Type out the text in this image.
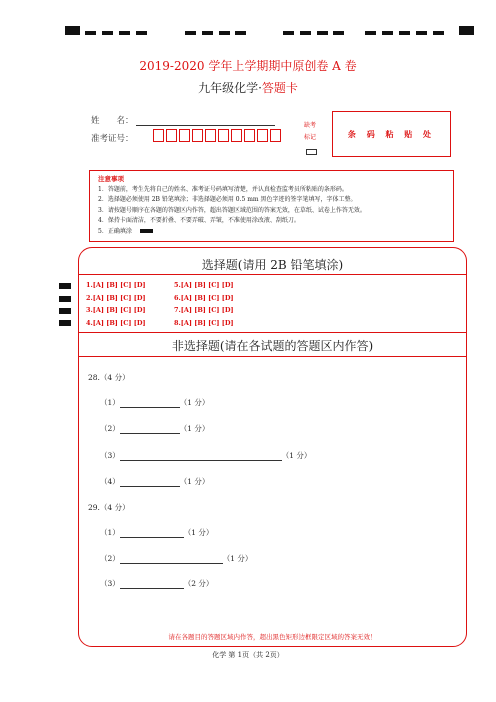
2019-2020 学年上学期期中原创卷 A 卷
九年级化学·答题卡
姓　　名：
准考证号：
缺考
标记	条 码 粘 贴 处
注意事项
1．答题前，考生先将自己的姓名、准考证号码填写清楚，并认真检查监考员所粘贴的条形码。
2．选择题必须使用 2B 铅笔填涂；非选择题必须用 0.5 mm 黑色字迹的签字笔填写，字体工整。
3．请按题号顺序在各题的答题区内作答，超出答题区域范围的答案无效，在草纸、试卷上作答无效。
4．保持卡面清洁，不要折叠、不要弄破、弄皱，不准使用涂改液、刮纸刀。
5．正确填涂
选择题(请用 2B 铅笔填涂)
1.[A] [B] [C] [D]	5.[A] [B] [C] [D]
2.[A] [B] [C] [D]	6.[A] [B] [C] [D]
3.[A] [B] [C] [D]	7.[A] [B] [C] [D]
4.[A] [B] [C] [D]	8.[A] [B] [C] [D]
非选择题(请在各试题的答题区内作答)
28.（4 分）
（1）	（1 分）
（2）	（1 分）
（3）	（1 分）
（4）	（1 分）
29.（4 分）
（1）	（1 分）
（2）	（1 分）
（3）	（2 分）
请在各题目的答题区域内作答，超出黑色矩形边框限定区域的答案无效！
化学 第 1页（共 2页）
